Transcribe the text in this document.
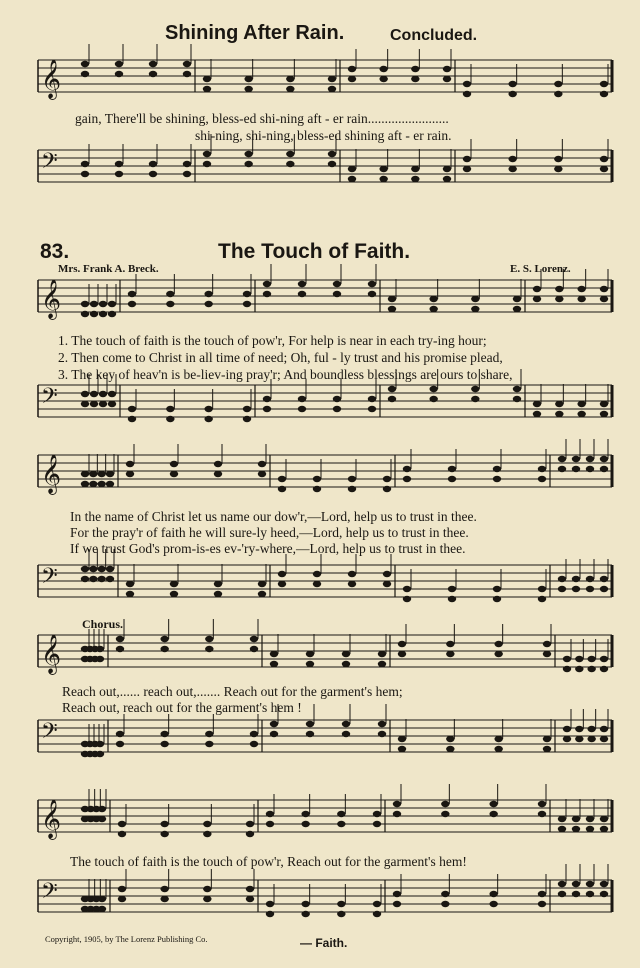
𝄞
𝄢
𝄞
𝄢
𝄞
𝄢
𝄞
𝄢
𝄞
𝄢
Shining After Rain.	Concluded.
gain, There'll be shining, bless-ed shi-ning aft - er rain........................
shi-ning, shi-ning, bless-ed shining aft - er rain.
83.	The Touch of Faith.
Mrs. Frank A. Breck.	E. S. Lorenz.
1. The touch of faith is the touch of pow'r, For help is near in each try-ing hour;
2. Then come to Christ in all time of need; Oh, ful - ly trust and his promise plead,
3. The key of heav'n is be-liev-ing pray'r; And boundless blessings are ours to share,
In the name of Christ let us name our dow'r,—Lord, help us to trust in thee.
For the pray'r of faith he will sure-ly heed,—Lord, help us to trust in thee.
If we trust God's prom-is-es ev-'ry-where,—Lord, help us to trust in thee.
Chorus.
Reach out,...... reach out,....... Reach out for the garment's hem;
Reach out, reach out for the garment's hem !
The touch of faith is the touch of pow'r, Reach out for the garment's hem!
Copyright, 1905, by The Lorenz Publishing Co.	— Faith.
